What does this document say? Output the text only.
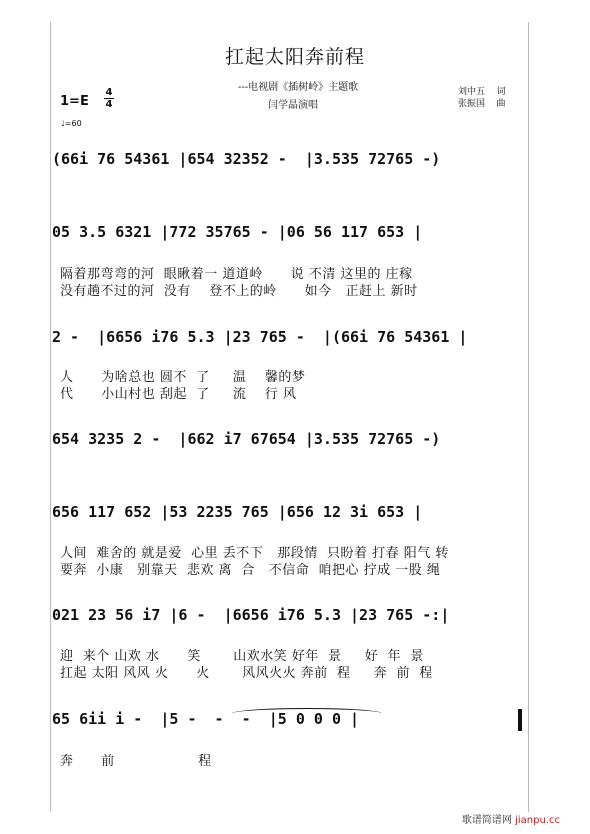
扛起太阳奔前程
---电视剧《插树岭》主题歌
闫学晶演唱
刘中五 词
张振国 曲
1=E
4
4
♩=60
(66i 76 54361 |654 32352 -  |3.535 72765 -)
05 3.5 6321 |772 35765 - |06 56 117 653 |
隔着那弯弯的河  眼瞅着一 道道岭      说 不清 这里的 庄稼
没有趟不过的河  没有    登不上的岭      如今   正赶上 新时
2 -  |6656 i76 5.3 |23 765 -  |(66i 76 54361 |
人      为啥总也 圆不  了     温    馨的梦
代      小山村也 刮起  了     流    行 风
654 3235 2 -  |662 i7 67654 |3.535 72765 -)
656 117 652 |53 2235 765 |656 12 3i 653 |
人间  难舍的 就是爱  心里 丢不下   那段情  只盼着 打春 阳气 转
要奔  小康   别靠天  悲欢 离  合   不信命  咱把心 拧成 一股 绳
021 23 56 i7 |6 -  |6656 i76 5.3 |23 765 -:|
迎  来个 山欢 水      笑       山欢水笑 好年  景     好  年  景
扛起 太阳 风风 火      火       风风火火 奔前  程     奔  前  程
65 6ii i -  |5 -  -  -  |5 0 0 0 |
奔      前                  程
歌谱简谱网 jianpu.cc
